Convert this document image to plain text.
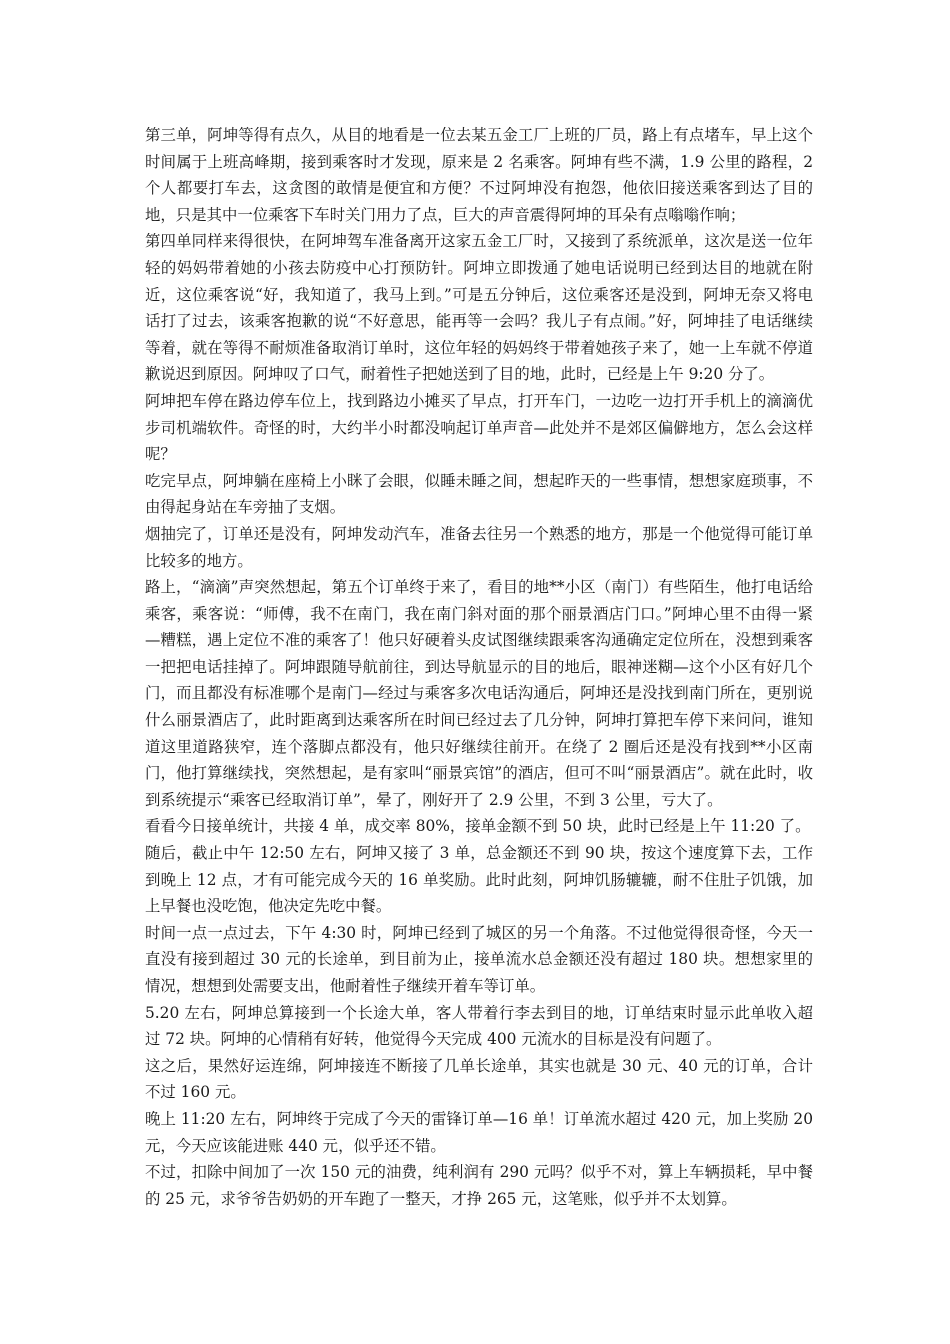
第三单，阿坤等得有点久，从目的地看是一位去某五金工厂上班的厂员，路上有点堵车，早上这个时间属于上班高峰期，接到乘客时才发现，原来是 2 名乘客。阿坤有些不满，1.9 公里的路程，2 个人都要打车去，这贪图的敢情是便宜和方便？不过阿坤没有抱怨，他依旧接送乘客到达了目的地，只是其中一位乘客下车时关门用力了点，巨大的声音震得阿坤的耳朵有点嗡嗡作响；

第四单同样来得很快，在阿坤驾车准备离开这家五金工厂时，又接到了系统派单，这次是送一位年轻的妈妈带着她的小孩去防疫中心打预防针。阿坤立即拨通了她电话说明已经到达目的地就在附近，这位乘客说“好，我知道了，我马上到。”可是五分钟后，这位乘客还是没到，阿坤无奈又将电话打了过去，该乘客抱歉的说“不好意思，能再等一会吗？我儿子有点闹。”好，阿坤挂了电话继续等着，就在等得不耐烦准备取消订单时，这位年轻的妈妈终于带着她孩子来了，她一上车就不停道歉说迟到原因。阿坤叹了口气，耐着性子把她送到了目的地，此时，已经是上午 9:20 分了。

阿坤把车停在路边停车位上，找到路边小摊买了早点，打开车门，一边吃一边打开手机上的滴滴优步司机端软件。奇怪的时，大约半小时都没响起订单声音—此处并不是郊区偏僻地方，怎么会这样呢？

吃完早点，阿坤躺在座椅上小眯了会眼，似睡未睡之间，想起昨天的一些事情，想想家庭琐事，不由得起身站在车旁抽了支烟。

烟抽完了，订单还是没有，阿坤发动汽车，准备去往另一个熟悉的地方，那是一个他觉得可能订单比较多的地方。

路上，“滴滴”声突然想起，第五个订单终于来了，看目的地**小区（南门）有些陌生，他打电话给乘客，乘客说：“师傅，我不在南门，我在南门斜对面的那个丽景酒店门口。”阿坤心里不由得一紧—糟糕，遇上定位不准的乘客了！他只好硬着头皮试图继续跟乘客沟通确定定位所在，没想到乘客一把把电话挂掉了。阿坤跟随导航前往，到达导航显示的目的地后，眼神迷糊—这个小区有好几个门，而且都没有标准哪个是南门—经过与乘客多次电话沟通后，阿坤还是没找到南门所在，更别说什么丽景酒店了，此时距离到达乘客所在时间已经过去了几分钟，阿坤打算把车停下来问问，谁知道这里道路狭窄，连个落脚点都没有，他只好继续往前开。在绕了 2 圈后还是没有找到**小区南门，他打算继续找，突然想起，是有家叫“丽景宾馆”的酒店，但可不叫“丽景酒店”。就在此时，收到系统提示“乘客已经取消订单”，晕了，刚好开了 2.9 公里，不到 3 公里，亏大了。

看看今日接单统计，共接 4 单，成交率 80%，接单金额不到 50 块，此时已经是上午 11:20 了。

随后，截止中午 12:50 左右，阿坤又接了 3 单，总金额还不到 90 块，按这个速度算下去，工作到晚上 12 点，才有可能完成今天的 16 单奖励。此时此刻，阿坤饥肠辘辘，耐不住肚子饥饿，加上早餐也没吃饱，他决定先吃中餐。

时间一点一点过去，下午 4:30 时，阿坤已经到了城区的另一个角落。不过他觉得很奇怪，今天一直没有接到超过 30 元的长途单，到目前为止，接单流水总金额还没有超过 180 块。想想家里的情况，想想到处需要支出，他耐着性子继续开着车等订单。

5.20 左右，阿坤总算接到一个长途大单，客人带着行李去到目的地，订单结束时显示此单收入超过 72 块。阿坤的心情稍有好转，他觉得今天完成 400 元流水的目标是没有问题了。

这之后，果然好运连绵，阿坤接连不断接了几单长途单，其实也就是 30 元、40 元的订单，合计不过 160 元。

晚上 11:20 左右，阿坤终于完成了今天的雷锋订单—16 单！订单流水超过 420 元，加上奖励 20 元，今天应该能进账 440 元，似乎还不错。

不过，扣除中间加了一次 150 元的油费，纯利润有 290 元吗？似乎不对，算上车辆损耗，早中餐的 25 元，求爷爷告奶奶的开车跑了一整天，才挣 265 元，这笔账，似乎并不太划算。
